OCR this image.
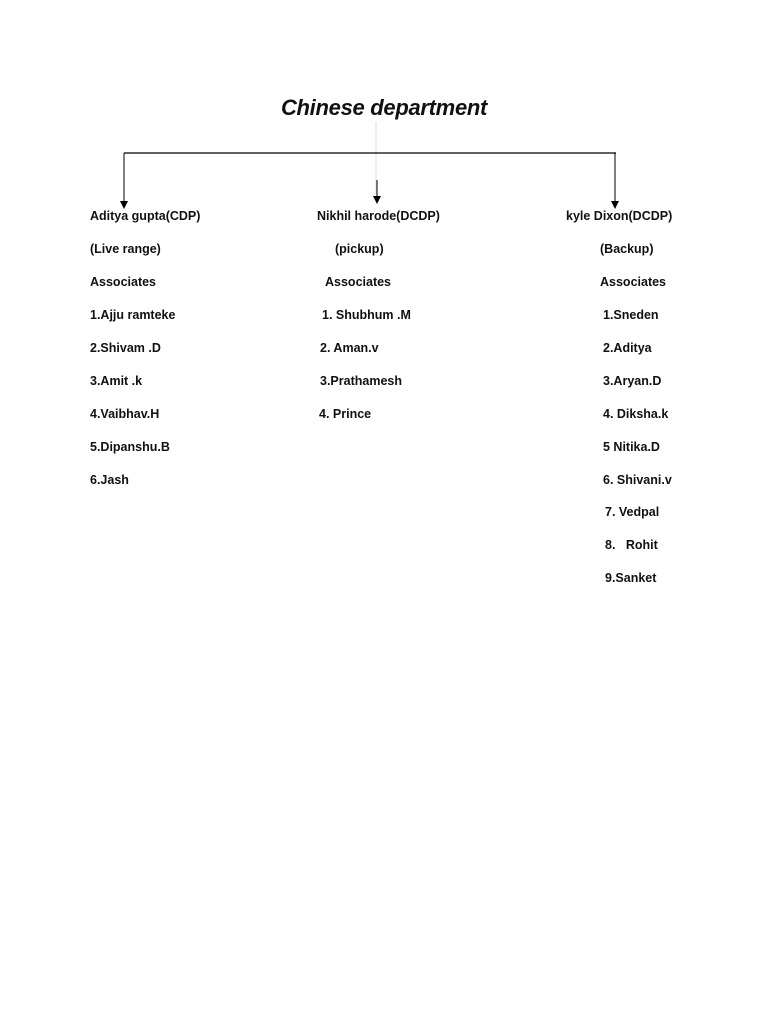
Chinese department
Aditya gupta(CDP)
(Live range)
Associates
1.Ajju ramteke
2.Shivam .D
3.Amit .k
4.Vaibhav.H
5.Dipanshu.B
6.Jash
Nikhil harode(DCDP)
(pickup)
Associates
1. Shubhum .M
2. Aman.v
3.Prathamesh
4. Prince
kyle Dixon(DCDP)
(Backup)
Associates
1.Sneden
2.Aditya
3.Aryan.D
4. Diksha.k
5 Nitika.D
6. Shivani.v
7. Vedpal
8.   Rohit
9.Sanket
